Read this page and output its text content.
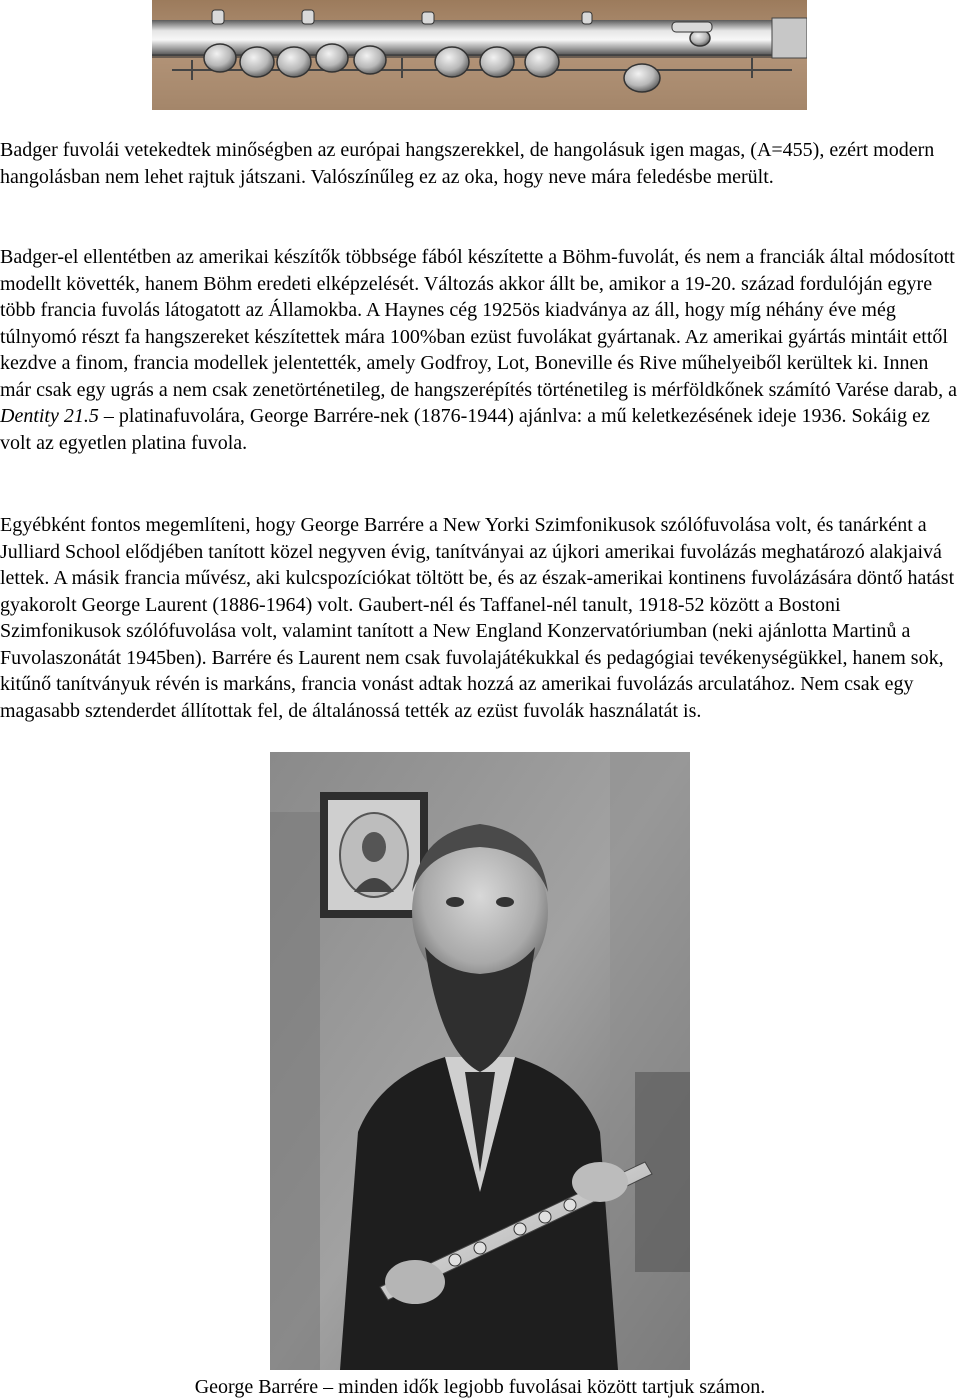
Badger fuvolái vetekedtek minőségben az európai hangszerekkel, de hangolásuk igen magas, (A=455), ezért modern hangolásban nem lehet rajtuk játszani. Valószínűleg ez az oka, hogy neve mára feledésbe merült.

Badger-el ellentétben az amerikai készítők többsége fából készítette a Böhm-fuvolát, és nem a franciák által módosított modellt követték, hanem Böhm eredeti elképzelését. Változás akkor állt be, amikor a 19-20. század fordulóján egyre több francia fuvolás látogatott az Államokba. A Haynes cég 1925ös kiadványa az áll, hogy míg néhány éve még túlnyomó részt fa hangszereket készítettek mára 100%ban ezüst fuvolákat gyártanak. Az amerikai gyártás mintáit ettől kezdve a finom, francia modellek jelentették, amely Godfroy, Lot, Boneville és Rive műhelyeiből kerültek ki. Innen már csak egy ugrás a nem csak zenetörténetileg, de hangszerépítés történetileg is mérföldkőnek számító Varése darab, a Dentity 21.5 – platinafuvolára, George Barrére-nek (1876-1944) ajánlva: a mű keletkezésének ideje 1936. Sokáig ez volt az egyetlen platina fuvola.

Egyébként fontos megemlíteni, hogy George Barrére a New Yorki Szimfonikusok szólófuvolása volt, és tanárként a Julliard School elődjében tanított közel negyven évig, tanítványai az újkori amerikai fuvolázás meghatározó alakjaivá lettek. A másik francia művész, aki kulcspozíciókat töltött be, és az észak-amerikai kontinens fuvolázására döntő hatást gyakorolt George Laurent (1886-1964) volt. Gaubert-nél és Taffanel-nél tanult, 1918-52 között a Bostoni Szimfonikusok szólófuvolása volt, valamint tanított a New England Konzervatóriumban (neki ajánlotta Martinů a Fuvolaszonátát 1945ben). Barrére és Laurent nem csak fuvolajátékukkal és pedagógiai tevékenységükkel, hanem sok, kitűnő tanítványuk révén is markáns, francia vonást adtak hozzá az amerikai fuvolázás arculatához. Nem csak egy magasabb sztenderdet állítottak fel, de általánossá tették az ezüst fuvolák használatát is.

George Barrére – minden idők legjobb fuvolásai között tartjuk számon.
